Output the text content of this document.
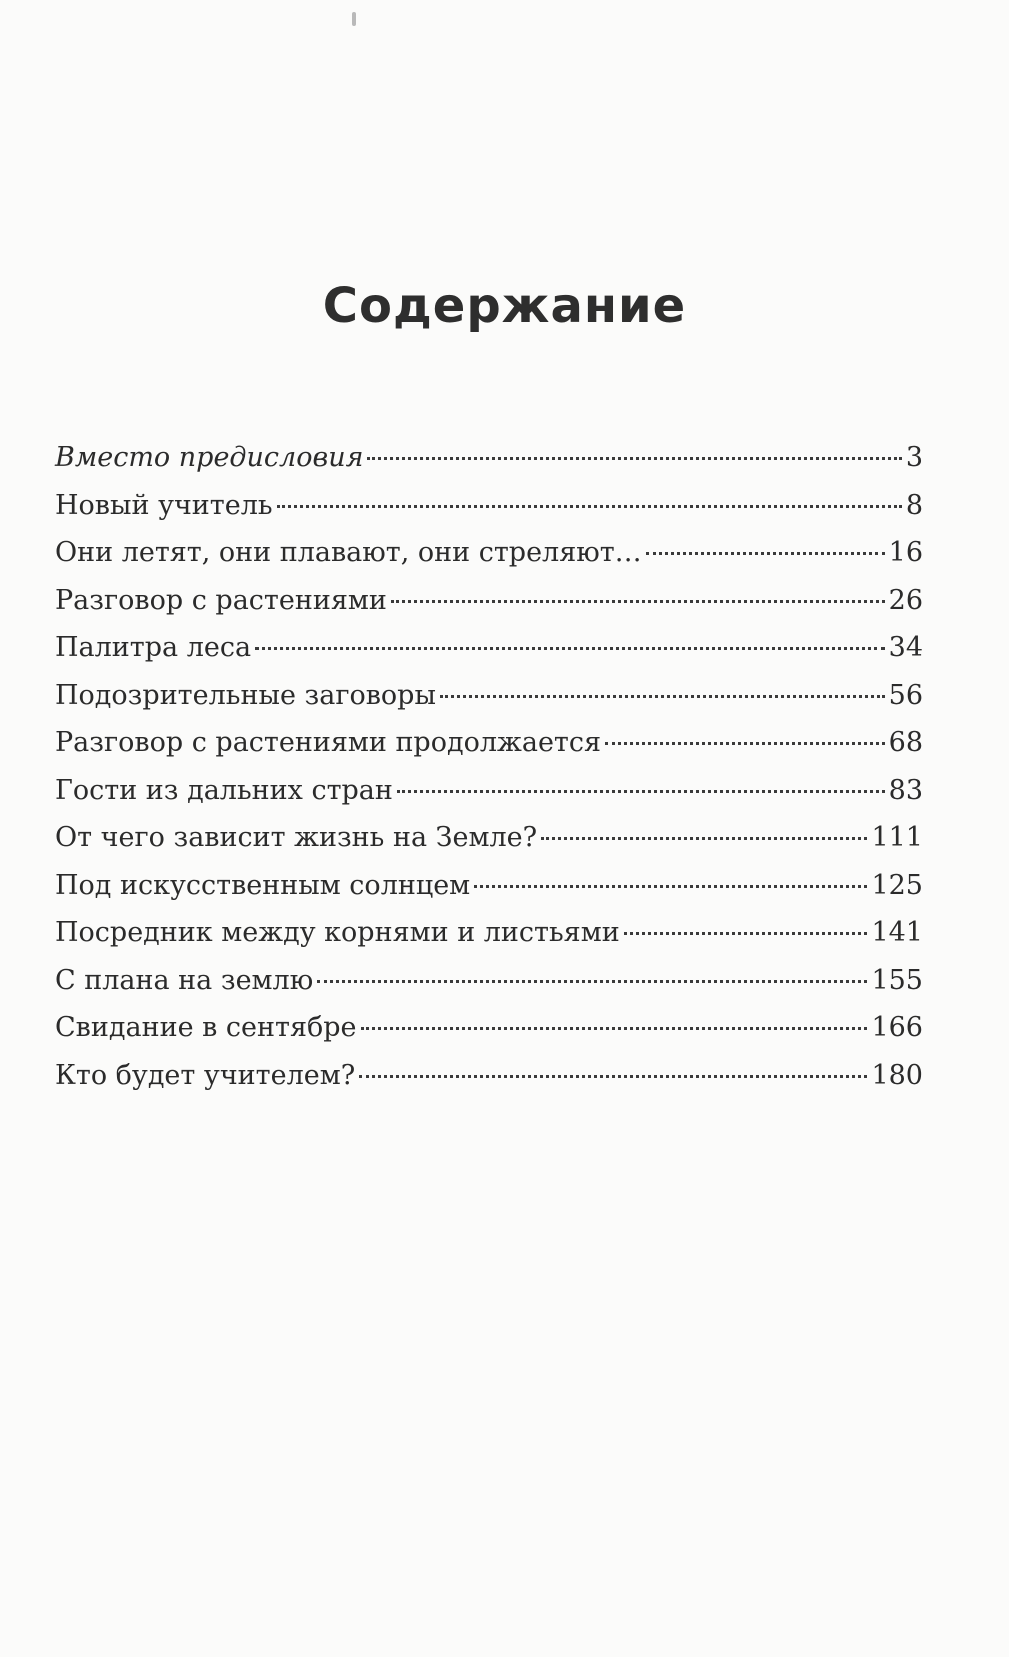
Содержание
Вместо предисловия	3
Новый учитель	8
Они летят, они плавают, они стреляют…	16
Разговор с растениями	26
Палитра леса	34
Подозрительные заговоры	56
Разговор с растениями продолжается	68
Гости из дальних стран	83
От чего зависит жизнь на Земле?	111
Под искусственным солнцем	125
Посредник между корнями и листьями	141
С плана на землю	155
Свидание в сентябре	166
Кто будет учителем?	180
